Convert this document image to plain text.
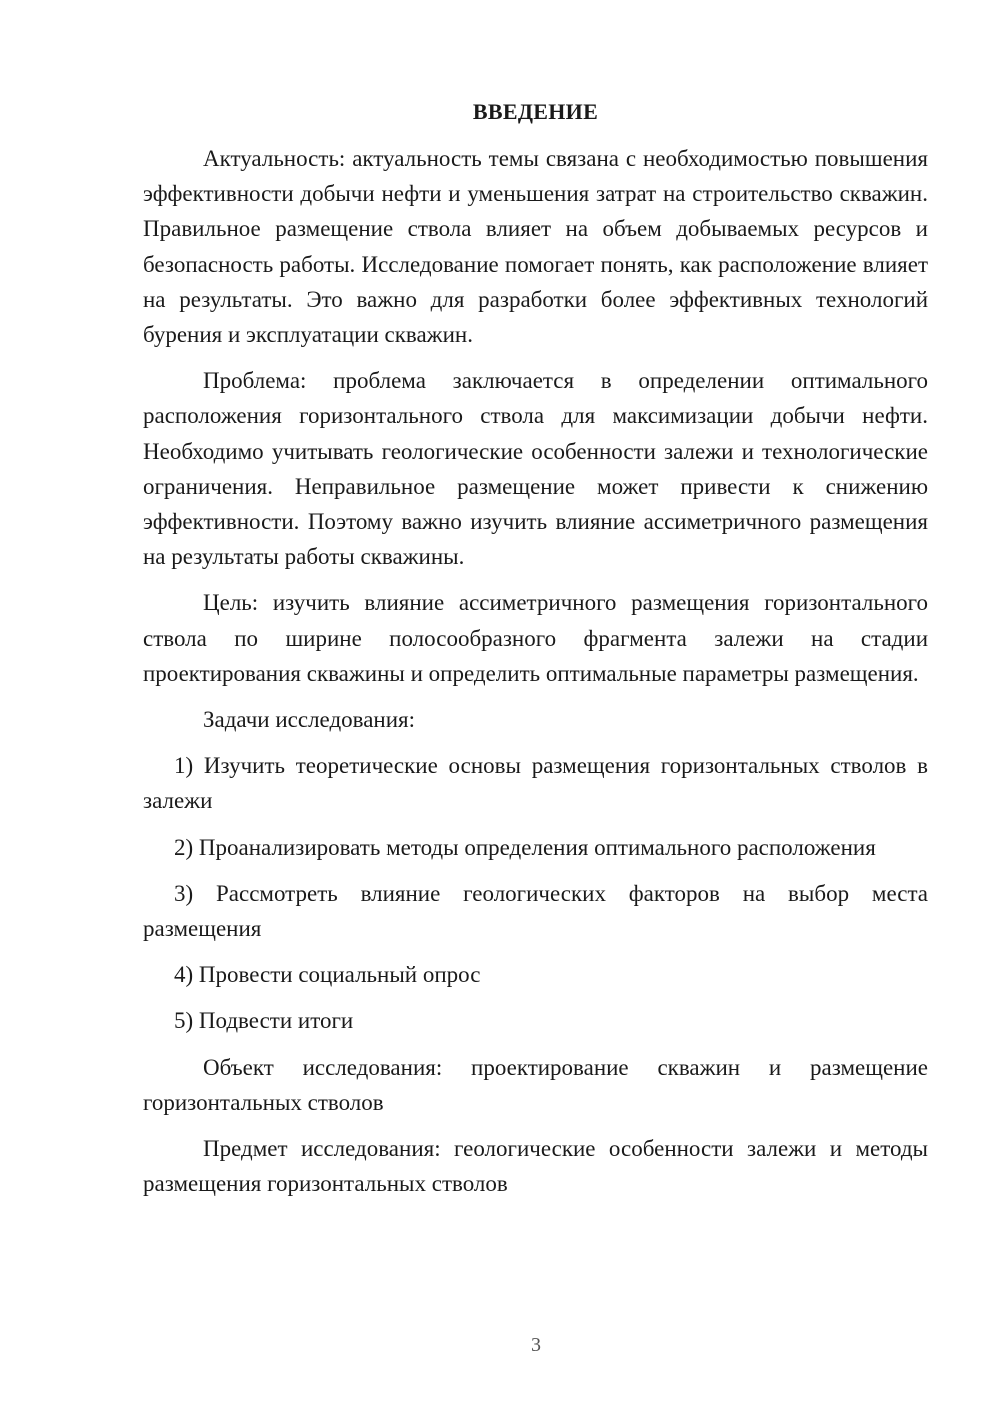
ВВЕДЕНИЕ

Актуальность: актуальность темы связана с необходимостью повышения эффективности добычи нефти и уменьшения затрат на строительство скважин. Правильное размещение ствола влияет на объем добываемых ресурсов и безопасность работы. Исследование помогает понять, как расположение влияет на результаты. Это важно для разработки более эффективных технологий бурения и эксплуатации скважин.

Проблема: проблема заключается в определении оптимального расположения горизонтального ствола для максимизации добычи нефти. Необходимо учитывать геологические особенности залежи и технологические ограничения. Неправильное размещение может привести к снижению эффективности. Поэтому важно изучить влияние ассиметричного размещения на результаты работы скважины.

Цель: изучить влияние ассиметричного размещения горизонтального ствола по ширине полосообразного фрагмента залежи на стадии проектирования скважины и определить оптимальные параметры размещения.

Задачи исследования:

1) Изучить теоретические основы размещения горизонтальных стволов в залежи

2) Проанализировать методы определения оптимального расположения

3) Рассмотреть влияние геологических факторов на выбор места размещения

4) Провести социальный опрос

5) Подвести итоги

Объект исследования: проектирование скважин и размещение горизонтальных стволов

Предмет исследования: геологические особенности залежи и методы размещения горизонтальных стволов

3
